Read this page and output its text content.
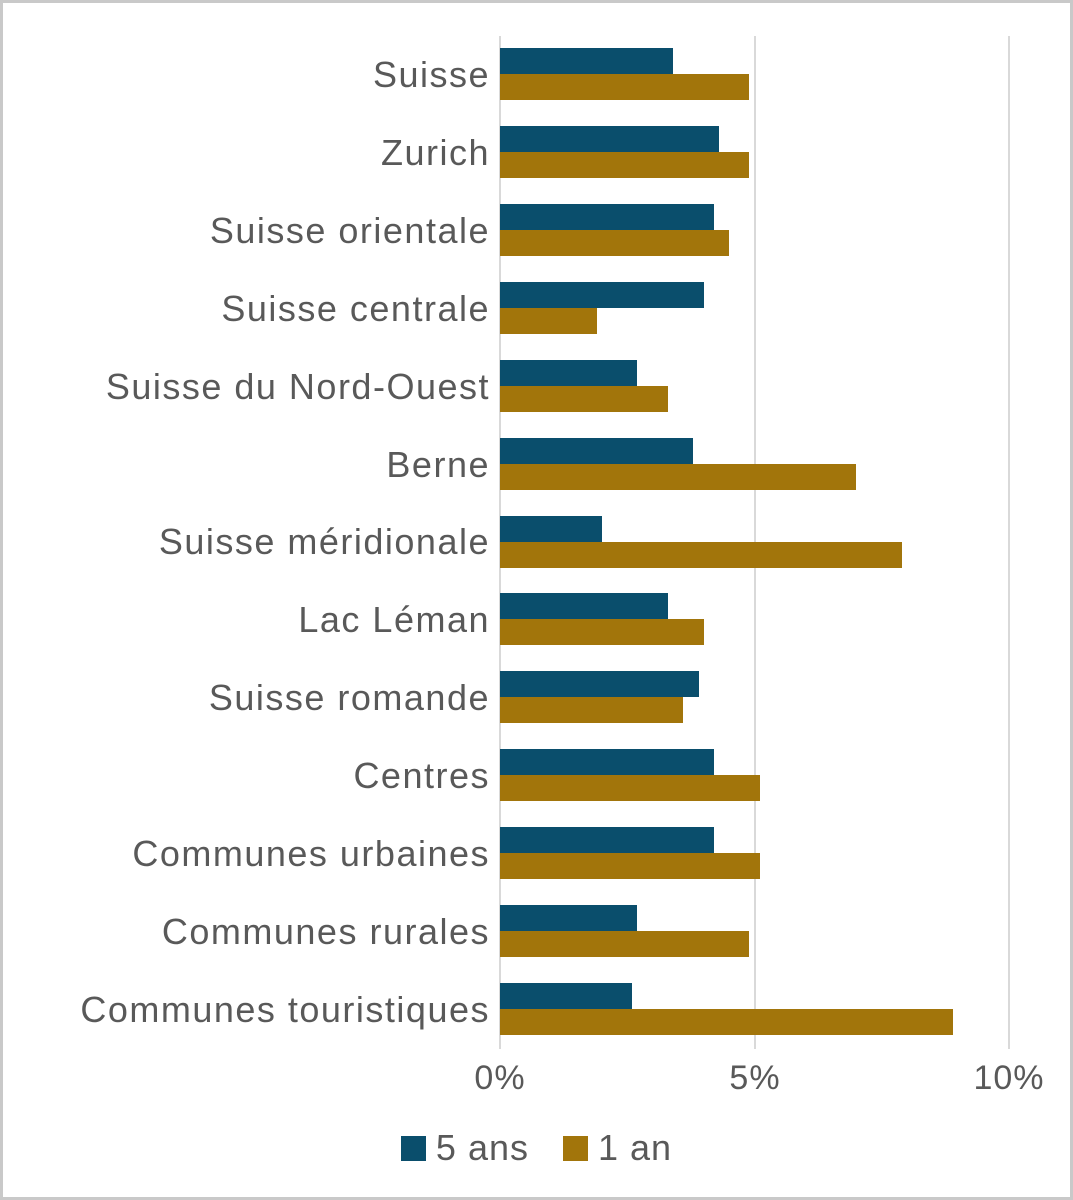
Suisse
Zurich
Suisse orientale
Suisse centrale
Suisse du Nord-Ouest
Berne
Suisse méridionale
Lac Léman
Suisse romande
Centres
Communes urbaines
Communes rurales
Communes touristiques
0%	5%	10%
5 ans 1 an
